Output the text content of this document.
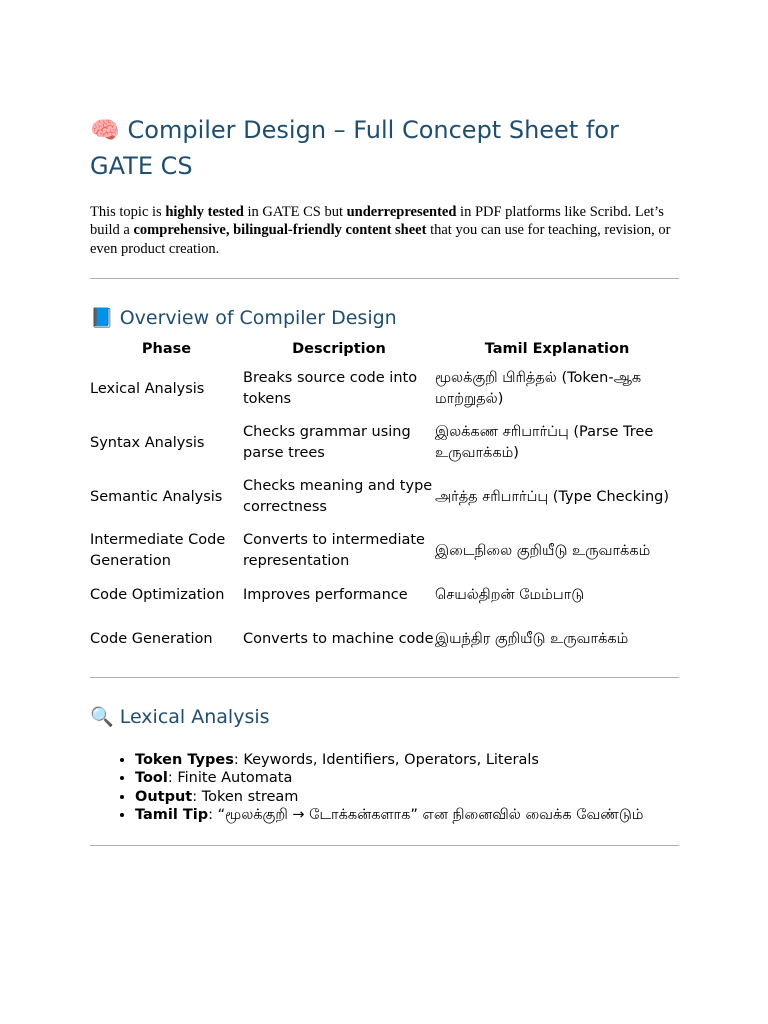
🧠 Compiler Design – Full Concept Sheet for GATE CS

This topic is highly tested in GATE CS but underrepresented in PDF platforms like Scribd. Let’s build a comprehensive, bilingual-friendly content sheet that you can use for teaching, revision, or even product creation.

📘 Overview of Compiler Design
Phase	Description	Tamil Explanation
Lexical Analysis	Breaks source code into tokens	மூலக்குறி பிரித்தல் (Token-ஆக மாற்றுதல்)
Syntax Analysis	Checks grammar using parse trees	இலக்கண சரிபார்ப்பு (Parse Tree உருவாக்கம்)
Semantic Analysis	Checks meaning and type correctness	அர்த்த சரிபார்ப்பு (Type Checking)
Intermediate Code Generation	Converts to intermediate representation	இடைநிலை குறியீடு உருவாக்கம்
Code Optimization	Improves performance	செயல்திறன் மேம்பாடு
Code Generation	Converts to machine code	இயந்திர குறியீடு உருவாக்கம்
🔍 Lexical Analysis
• Token Types: Keywords, Identifiers, Operators, Literals
• Tool: Finite Automata
• Output: Token stream
• Tamil Tip: “மூலக்குறி → டோக்கன்களாக” என நினைவில் வைக்க வேண்டும்
